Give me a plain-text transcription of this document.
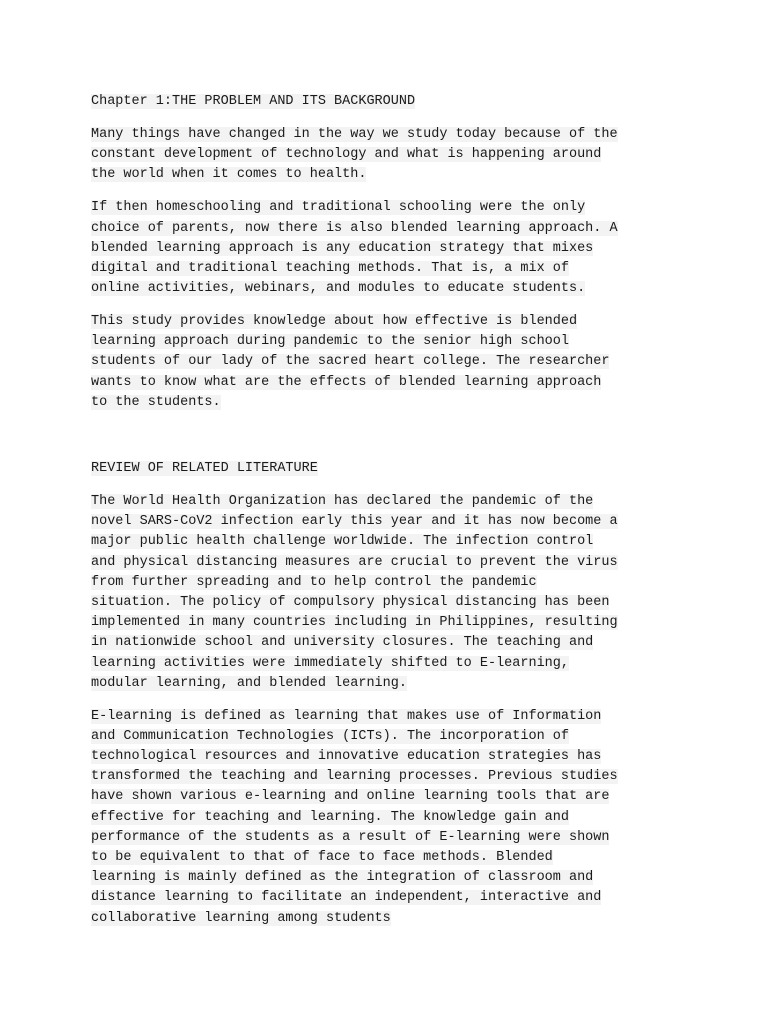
Chapter 1:THE PROBLEM AND ITS BACKGROUND
Many things have changed in the way we study today because of the
constant development of technology and what is happening around
the world when it comes to health.
If then homeschooling and traditional schooling were the only
choice of parents, now there is also blended learning approach. A
blended learning approach is any education strategy that mixes
digital and traditional teaching methods. That is, a mix of
online activities, webinars, and modules to educate students.
This study provides knowledge about how effective is blended
learning approach during pandemic to the senior high school
students of our lady of the sacred heart college. The researcher
wants to know what are the effects of blended learning approach
to the students.
REVIEW OF RELATED LITERATURE
The World Health Organization has declared the pandemic of the
novel SARS-CoV2 infection early this year and it has now become a
major public health challenge worldwide. The infection control
and physical distancing measures are crucial to prevent the virus
from further spreading and to help control the pandemic
situation. The policy of compulsory physical distancing has been
implemented in many countries including in Philippines, resulting
in nationwide school and university closures. The teaching and
learning activities were immediately shifted to E-learning,
modular learning, and blended learning.
E-learning is defined as learning that makes use of Information
and Communication Technologies (ICTs). The incorporation of
technological resources and innovative education strategies has
transformed the teaching and learning processes. Previous studies
have shown various e-learning and online learning tools that are
effective for teaching and learning. The knowledge gain and
performance of the students as a result of E-learning were shown
to be equivalent to that of face to face methods. Blended
learning is mainly defined as the integration of classroom and
distance learning to facilitate an independent, interactive and
collaborative learning among students
